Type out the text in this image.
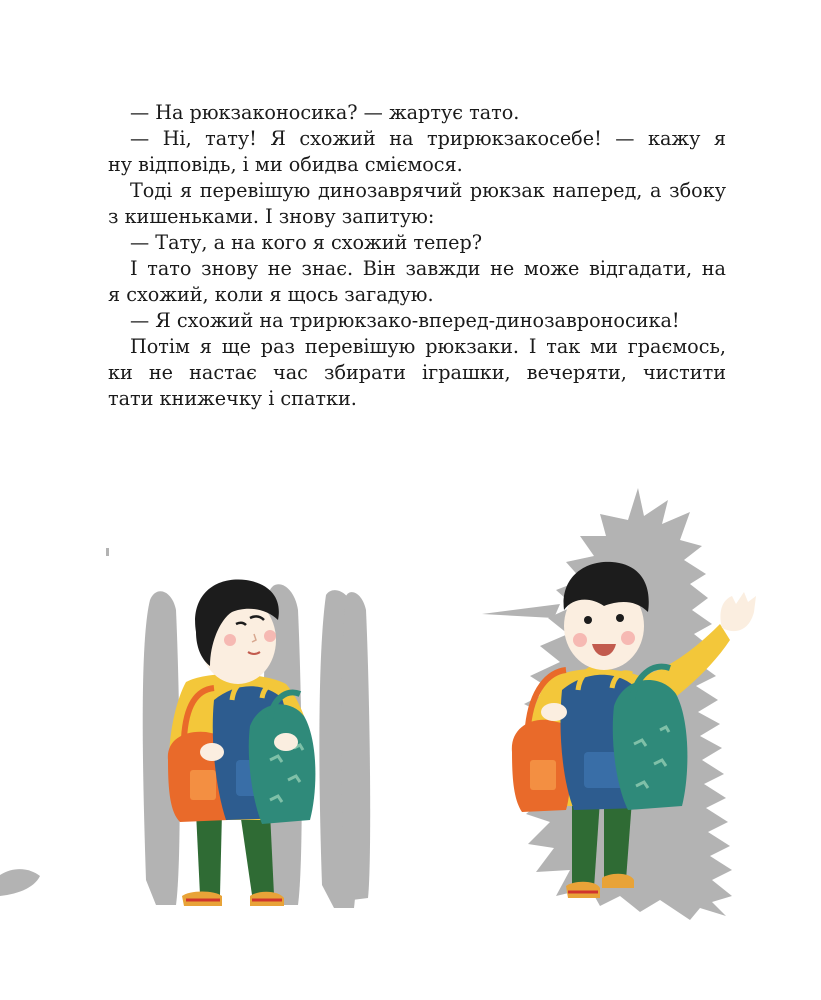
— На рюкзаконосика? — жартує тато.
— Ні, тату! Я схожий на трирюкзакосебе! — кажу я
ну відповідь, і ми обидва сміємося.
Тоді я перевішую динозаврячий рюкзак наперед, а збоку
з кишеньками. І знову запитую:
— Тату, а на кого я схожий тепер?
І тато знову не знає. Він завжди не може відгадати, на
я схожий, коли я щось загадую.
— Я схожий на трирюкзако-вперед-динозавроносика!
Потім я ще раз перевішую рюкзаки. І так ми граємось,
ки не настає час збирати іграшки, вечеряти, чистити
тати книжечку і спатки.
